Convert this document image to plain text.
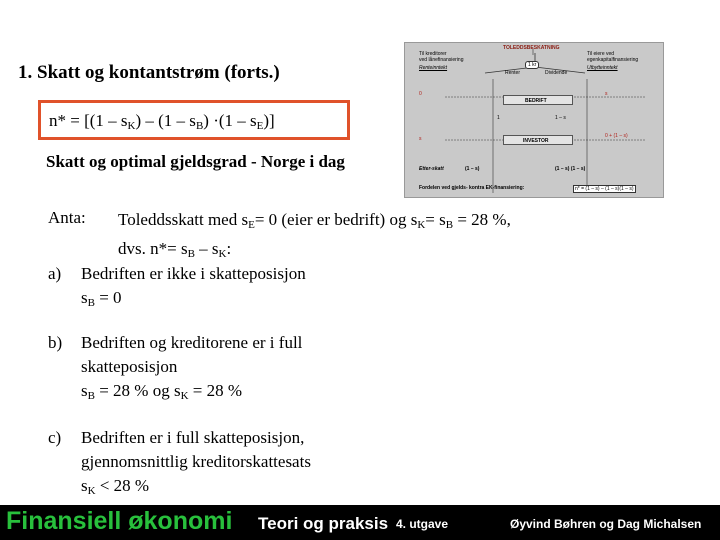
1. Skatt og kontantstrøm (forts.)
$n* = [(1 - s_K) - (1 - s_B) \cdot(1 - s_E)]$
Skatt og optimal gjeldsgrad - Norge i dag
Anta: Toleddsskatt med $s_E= 0$ (eier er bedrift) og $s_K= s_B = 28$ %,
dvs. $n*= s_B - s_K$:
a) Bedriften er ikke i skatteposisjon
$s_B = 0$
b) Bedriften og kreditorene er i full
skatteposisjon
$s_B = 28$ % og $s_K = 28$ %
c) Bedriften er i full skatteposisjon,
gjennomsnittlig kreditorskattesats
$s_K < 28$ %
TOLEDDSBESKATNING
Til kreditorer
ved lånefinansiering
Renteinntekt
Til eiere ved
egenkapitalfinansiering
Utbytteinntekt
1 kr
Renter	Dividende
0	s
BEDRIFT
1	1 – s
s	0 + (1 – s)
INVESTOR
Etter-skatt	(1 – s)	(1 – s) (1 – s)
Fordelen ved gjelds- kontra EK-finansiering:	n* = (1 – s) – (1 – s)(1 – s)
Finansiell økonomi Teori og praksis 4. utgave	Øyvind Bøhren og Dag Michalsen
